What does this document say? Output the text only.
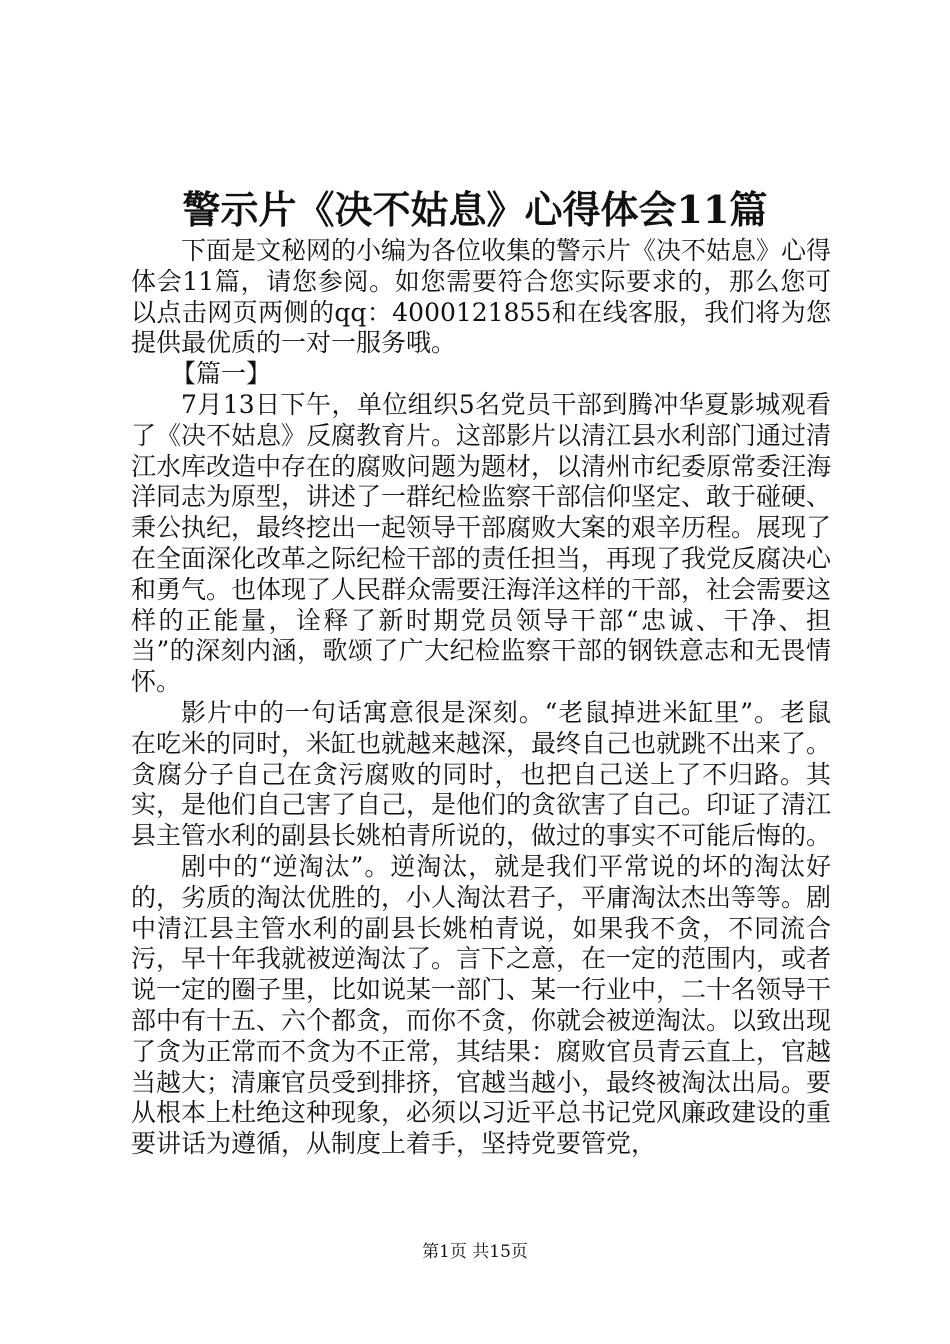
警示片《决不姑息》心得体会11篇

下面是文秘网的小编为各位收集的警示片《决不姑息》心得体会11篇，请您参阅。如您需要符合您实际要求的，那么您可以点击网页两侧的qq：4000121855和在线客服，我们将为您提供最优质的一对一服务哦。

【篇一】

7月13日下午，单位组织5名党员干部到腾冲华夏影城观看了《决不姑息》反腐教育片。这部影片以清江县水利部门通过清江水库改造中存在的腐败问题为题材，以清州市纪委原常委汪海洋同志为原型，讲述了一群纪检监察干部信仰坚定、敢于碰硬、秉公执纪，最终挖出一起领导干部腐败大案的艰辛历程。展现了在全面深化改革之际纪检干部的责任担当，再现了我党反腐决心和勇气。也体现了人民群众需要汪海洋这样的干部，社会需要这样的正能量，诠释了新时期党员领导干部“忠诚、干净、担当”的深刻内涵，歌颂了广大纪检监察干部的钢铁意志和无畏情怀。

影片中的一句话寓意很是深刻。“老鼠掉进米缸里”。老鼠在吃米的同时，米缸也就越来越深，最终自己也就跳不出来了。贪腐分子自己在贪污腐败的同时，也把自己送上了不归路。其实，是他们自己害了自己，是他们的贪欲害了自己。印证了清江县主管水利的副县长姚柏青所说的，做过的事实不可能后悔的。

剧中的“逆淘汰”。逆淘汰，就是我们平常说的坏的淘汰好的，劣质的淘汰优胜的，小人淘汰君子，平庸淘汰杰出等等。剧中清江县主管水利的副县长姚柏青说，如果我不贪，不同流合污，早十年我就被逆淘汰了。言下之意，在一定的范围内，或者说一定的圈子里，比如说某一部门、某一行业中，二十名领导干部中有十五、六个都贪，而你不贪，你就会被逆淘汰。以致出现了贪为正常而不贪为不正常，其结果：腐败官员青云直上，官越当越大；清廉官员受到排挤，官越当越小，最终被淘汰出局。要从根本上杜绝这种现象，必须以习近平总书记党风廉政建设的重要讲话为遵循，从制度上着手，坚持党要管党，

第1页 共15页
